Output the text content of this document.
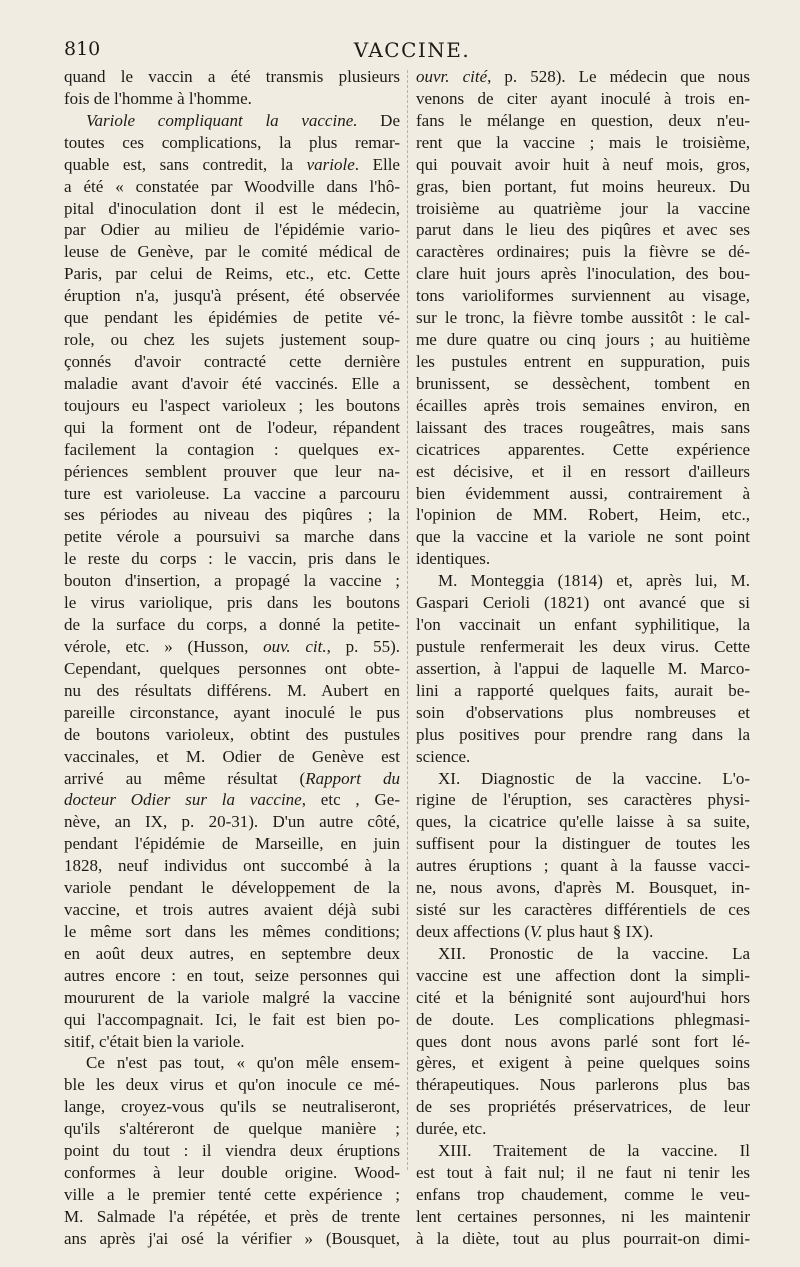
810	VACCINE.
quand le vaccin a été transmis plusieurs
fois de l'homme à l'homme.
Variole compliquant la vaccine. De
toutes ces complications, la plus remar-
quable est, sans contredit, la variole. Elle
a été « constatée par Woodville dans l'hô-
pital d'inoculation dont il est le médecin,
par Odier au milieu de l'épidémie vario-
leuse de Genève, par le comité médical de
Paris, par celui de Reims, etc., etc. Cette
éruption n'a, jusqu'à présent, été observée
que pendant les épidémies de petite vé-
role, ou chez les sujets justement soup-
çonnés d'avoir contracté cette dernière
maladie avant d'avoir été vaccinés. Elle a
toujours eu l'aspect varioleux ; les boutons
qui la forment ont de l'odeur, répandent
facilement la contagion : quelques ex-
périences semblent prouver que leur na-
ture est varioleuse. La vaccine a parcouru
ses périodes au niveau des piqûres ; la
petite vérole a poursuivi sa marche dans
le reste du corps : le vaccin, pris dans le
bouton d'insertion, a propagé la vaccine ;
le virus variolique, pris dans les boutons
de la surface du corps, a donné la petite-
vérole, etc. » (Husson, ouv. cit., p. 55).
Cependant, quelques personnes ont obte-
nu des résultats différens. M. Aubert en
pareille circonstance, ayant inoculé le pus
de boutons varioleux, obtint des pustules
vaccinales, et M. Odier de Genève est
arrivé au même résultat (Rapport du
docteur Odier sur la vaccine, etc , Ge-
nève, an IX, p. 20-31). D'un autre côté,
pendant l'épidémie de Marseille, en juin
1828, neuf individus ont succombé à la
variole pendant le développement de la
vaccine, et trois autres avaient déjà subi
le même sort dans les mêmes conditions;
en août deux autres, en septembre deux
autres encore : en tout, seize personnes qui
moururent de la variole malgré la vaccine
qui l'accompagnait. Ici, le fait est bien po-
sitif, c'était bien la variole.
Ce n'est pas tout, « qu'on mêle ensem-
ble les deux virus et qu'on inocule ce mé-
lange, croyez-vous qu'ils se neutraliseront,
qu'ils s'altéreront de quelque manière ;
point du tout : il viendra deux éruptions
conformes à leur double origine. Wood-
ville a le premier tenté cette expérience ;
M. Salmade l'a répétée, et près de trente
ans après j'ai osé la vérifier » (Bousquet,
ouvr. cité, p. 528). Le médecin que nous
venons de citer ayant inoculé à trois en-
fans le mélange en question, deux n'eu-
rent que la vaccine ; mais le troisième,
qui pouvait avoir huit à neuf mois, gros,
gras, bien portant, fut moins heureux. Du
troisième au quatrième jour la vaccine
parut dans le lieu des piqûres et avec ses
caractères ordinaires; puis la fièvre se dé-
clare huit jours après l'inoculation, des bou-
tons varioliformes surviennent au visage,
sur le tronc, la fièvre tombe aussitôt : le cal-
me dure quatre ou cinq jours ; au huitième
les pustules entrent en suppuration, puis
brunissent, se dessèchent, tombent en
écailles après trois semaines environ, en
laissant des traces rougeâtres, mais sans
cicatrices apparentes. Cette expérience
est décisive, et il en ressort d'ailleurs
bien évidemment aussi, contrairement à
l'opinion de MM. Robert, Heim, etc.,
que la vaccine et la variole ne sont point
identiques.
M. Monteggia (1814) et, après lui, M.
Gaspari Cerioli (1821) ont avancé que si
l'on vaccinait un enfant syphilitique, la
pustule renfermerait les deux virus. Cette
assertion, à l'appui de laquelle M. Marco-
lini a rapporté quelques faits, aurait be-
soin d'observations plus nombreuses et
plus positives pour prendre rang dans la
science.
XI. Diagnostic de la vaccine. L'o-
rigine de l'éruption, ses caractères physi-
ques, la cicatrice qu'elle laisse à sa suite,
suffisent pour la distinguer de toutes les
autres éruptions ; quant à la fausse vacci-
ne, nous avons, d'après M. Bousquet, in-
sisté sur les caractères différentiels de ces
deux affections (V. plus haut § IX).
XII. Pronostic de la vaccine. La
vaccine est une affection dont la simpli-
cité et la bénignité sont aujourd'hui hors
de doute. Les complications phlegmasi-
ques dont nous avons parlé sont fort lé-
gères, et exigent à peine quelques soins
thérapeutiques. Nous parlerons plus bas
de ses propriétés préservatrices, de leur
durée, etc.
XIII. Traitement de la vaccine. Il
est tout à fait nul; il ne faut ni tenir les
enfans trop chaudement, comme le veu-
lent certaines personnes, ni les maintenir
à la diète, tout au plus pourrait-on dimi-
